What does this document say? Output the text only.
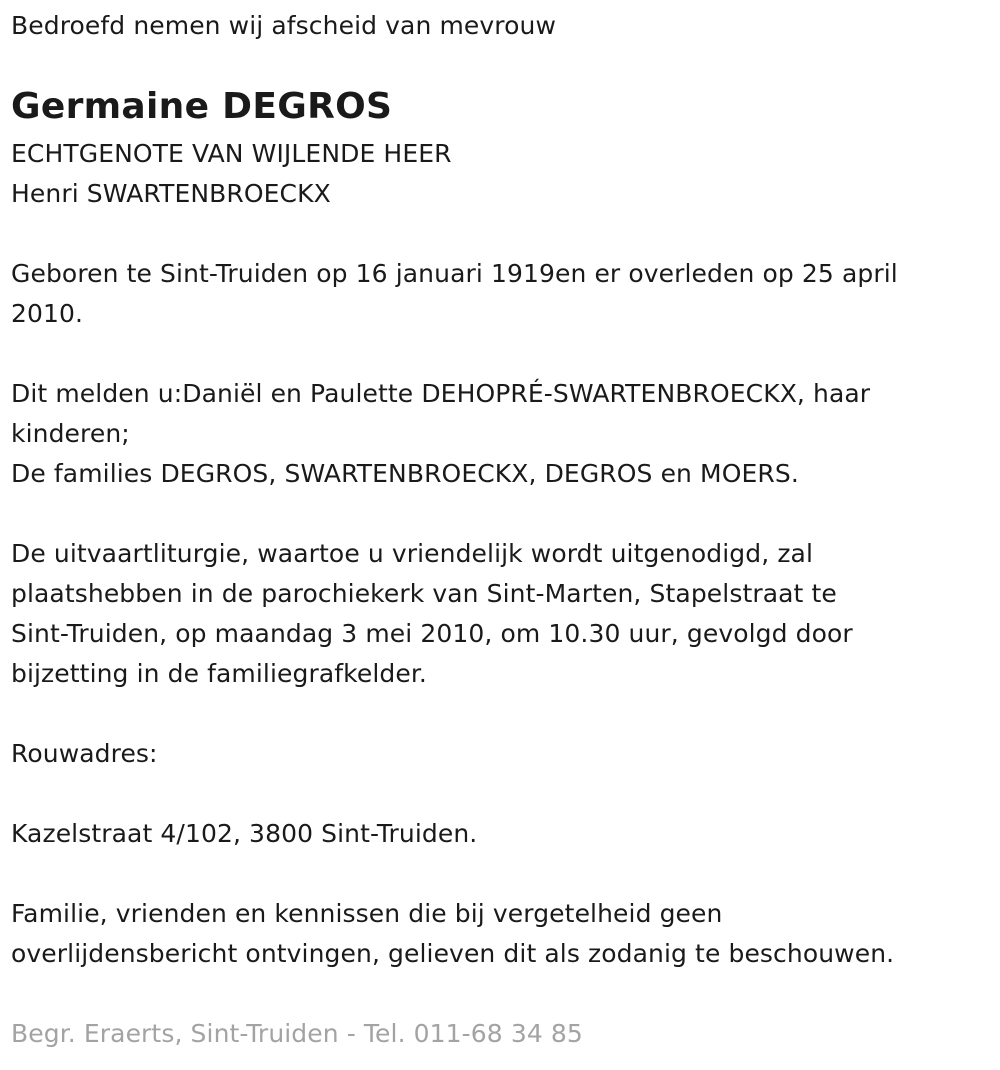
Bedroefd nemen wij afscheid van mevrouw
Germaine DEGROS
ECHTGENOTE VAN WIJLENDE HEER
Henri SWARTENBROECKX
Geboren te Sint-Truiden op 16 januari 1919en er overleden op 25 april
2010.
Dit melden u:Daniël en Paulette DEHOPRÉ-SWARTENBROECKX, haar
kinderen;
De families DEGROS, SWARTENBROECKX, DEGROS en MOERS.
De uitvaartliturgie, waartoe u vriendelijk wordt uitgenodigd, zal
plaatshebben in de parochiekerk van Sint-Marten, Stapelstraat te
Sint-Truiden, op maandag 3 mei 2010, om 10.30 uur, gevolgd door
bijzetting in de familiegrafkelder.
Rouwadres:
Kazelstraat 4/102, 3800 Sint-Truiden.
Familie, vrienden en kennissen die bij vergetelheid geen
overlijdensbericht ontvingen, gelieven dit als zodanig te beschouwen.
Begr. Eraerts, Sint-Truiden - Tel. 011-68 34 85
